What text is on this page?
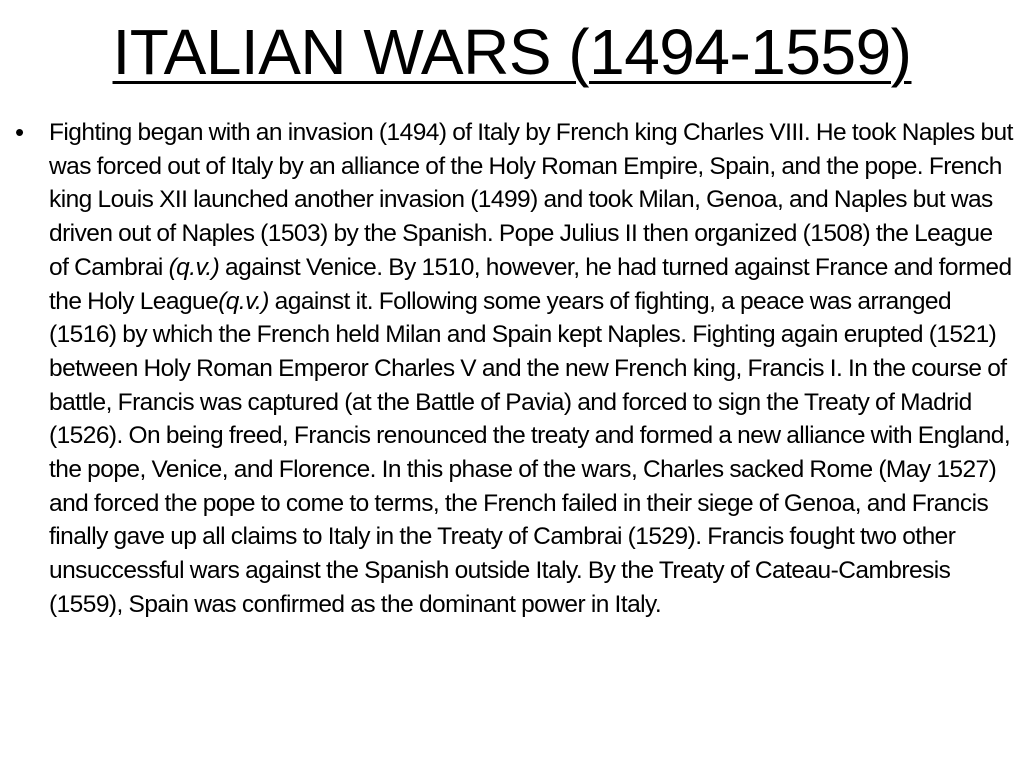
ITALIAN WARS (1494-1559)
• Fighting began with an invasion (1494) of Italy by French king Charles VIII. He took Naples but was forced out of Italy by an alliance of the Holy Roman Empire, Spain, and the pope. French king Louis XII launched another invasion (1499) and took Milan, Genoa, and Naples but was driven out of Naples (1503) by the Spanish. Pope Julius II then organized (1508) the League of Cambrai (q.v.) against Venice. By 1510, however, he had turned against France and formed the Holy League(q.v.) against it. Following some years of fighting, a peace was arranged (1516) by which the French held Milan and Spain kept Naples. Fighting again erupted (1521) between Holy Roman Emperor Charles V and the new French king, Francis I. In the course of battle, Francis was captured (at the Battle of Pavia) and forced to sign the Treaty of Madrid (1526). On being freed, Francis renounced the treaty and formed a new alliance with England, the pope, Venice, and Florence. In this phase of the wars, Charles sacked Rome (May 1527) and forced the pope to come to terms, the French failed in their siege of Genoa, and Francis finally gave up all claims to Italy in the Treaty of Cambrai (1529). Francis fought two other unsuccessful wars against the Spanish outside Italy. By the Treaty of Cateau-Cambresis (1559), Spain was confirmed as the dominant power in Italy.
